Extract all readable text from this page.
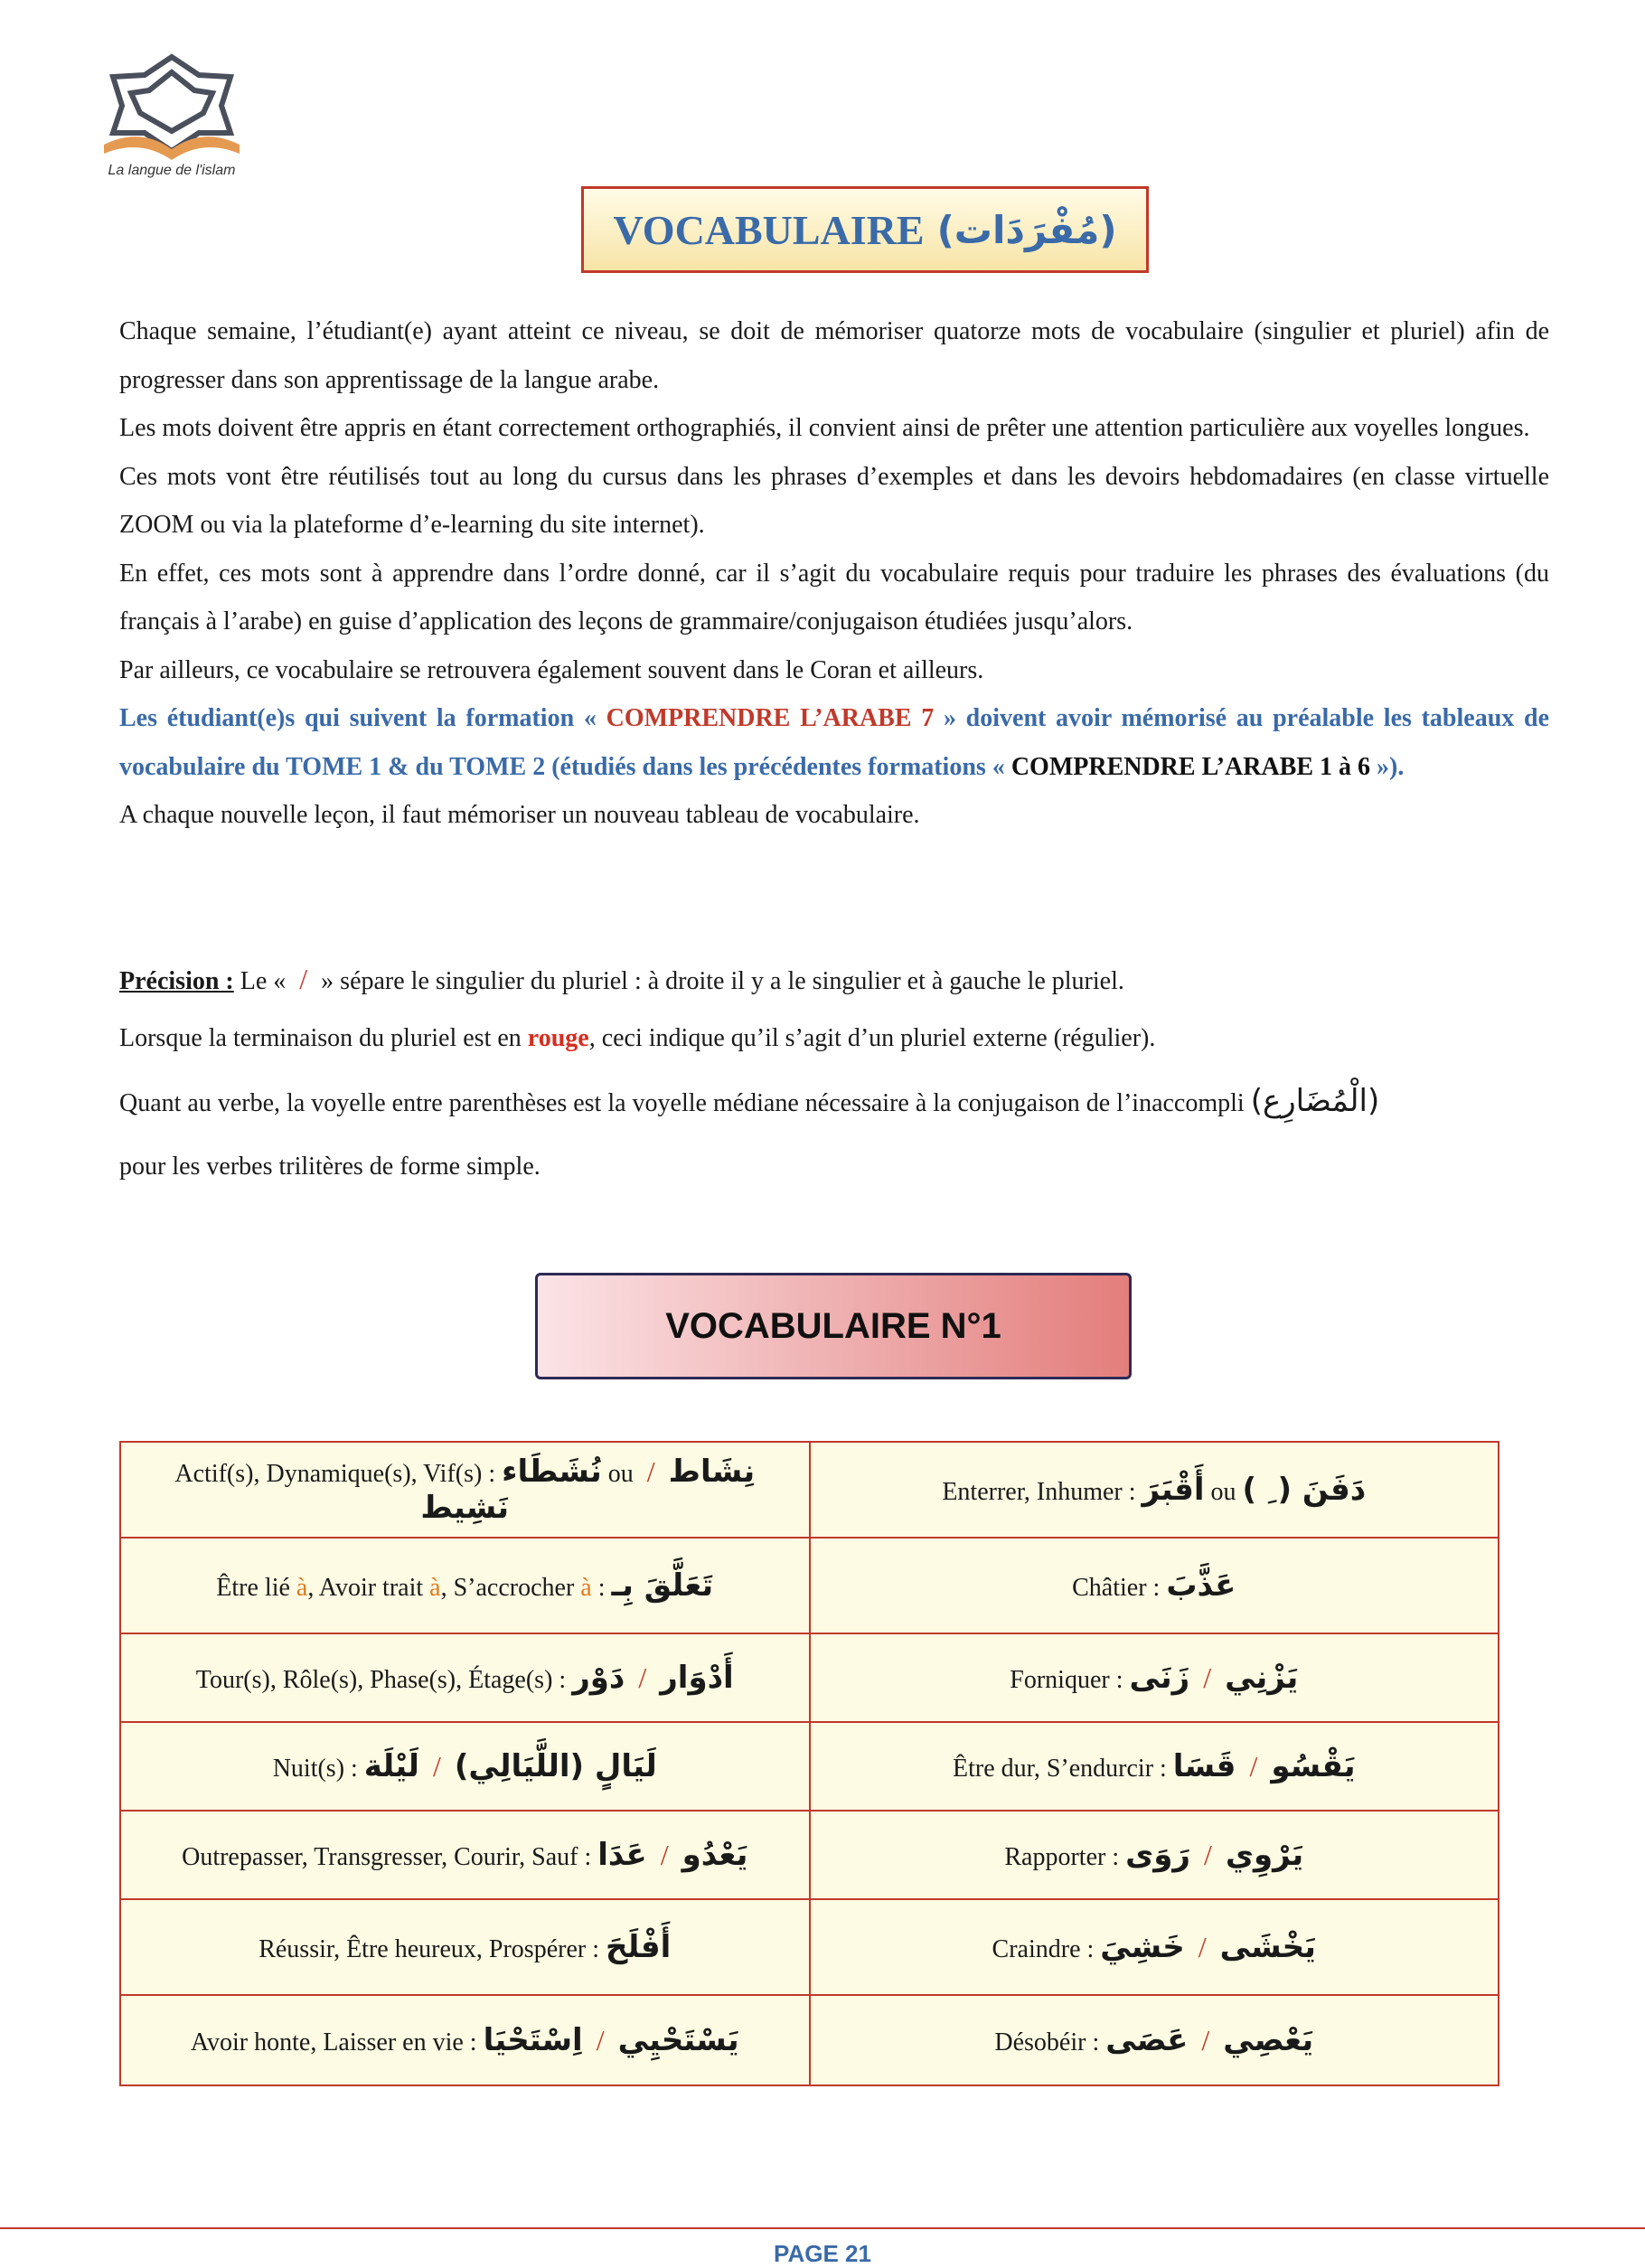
La langue de l'islam
VOCABULAIRE (مُفْرَدَات)

Chaque semaine, l’étudiant(e) ayant atteint ce niveau, se doit de mémoriser quatorze mots de vocabulaire (singulier et pluriel) afin de progresser dans son apprentissage de la langue arabe.

Les mots doivent être appris en étant correctement orthographiés, il convient ainsi de prêter une attention particulière aux voyelles longues.

Ces mots vont être réutilisés tout au long du cursus dans les phrases d’exemples et dans les devoirs hebdomadaires (en classe virtuelle ZOOM ou via la plateforme d’e-learning du site internet).

En effet, ces mots sont à apprendre dans l’ordre donné, car il s’agit du vocabulaire requis pour traduire les phrases des évaluations (du français à l’arabe) en guise d’application des leçons de grammaire/conjugaison étudiées jusqu’alors.

Par ailleurs, ce vocabulaire se retrouvera également souvent dans le Coran et ailleurs.

Les étudiant(e)s qui suivent la formation « COMPRENDRE L’ARABE 7 » doivent avoir mémorisé au préalable les tableaux de vocabulaire du TOME 1 & du TOME 2 (étudiés dans les précédentes formations « COMPRENDRE L’ARABE 1 à 6 »).

A chaque nouvelle leçon, il faut mémoriser un nouveau tableau de vocabulaire.

Précision : Le « / » sépare le singulier du pluriel : à droite il y a le singulier et à gauche le pluriel.
Lorsque la terminaison du pluriel est en rouge, ceci indique qu’il s’agit d’un pluriel externe (régulier).
Quant au verbe, la voyelle entre parenthèses est la voyelle médiane nécessaire à la conjugaison de l’inaccompli (الْمُضَارِع)
pour les verbes trilitères de forme simple.
VOCABULAIRE N°1
Actif(s), Dynamique(s), Vif(s) : نُشَطَاء ou نِشَاط / نَشِيط	Enterrer, Inhumer : أَقْبَرَ ou دَفَنَ ( ِ )
Être lié à, Avoir trait à, S’accrocher à : تَعَلَّقَ بِـ	Châtier : عَذَّبَ
Tour(s), Rôle(s), Phase(s), Étage(s) : أَدْوَار / دَوْر	Forniquer : يَزْنِي / زَنَى
Nuit(s) : لَيَالٍ (اللَّيَالِي) / لَيْلَة	Être dur, S’endurcir : يَقْسُو / قَسَا
Outrepasser, Transgresser, Courir, Sauf : يَعْدُو / عَدَا	Rapporter : يَرْوِي / رَوَى
Réussir, Être heureux, Prospérer : أَفْلَحَ	Craindre : يَخْشَى / خَشِيَ
Avoir honte, Laisser en vie : يَسْتَحْيِي / اِسْتَحْيَا	Désobéir : يَعْصِي / عَصَى
PAGE 21
